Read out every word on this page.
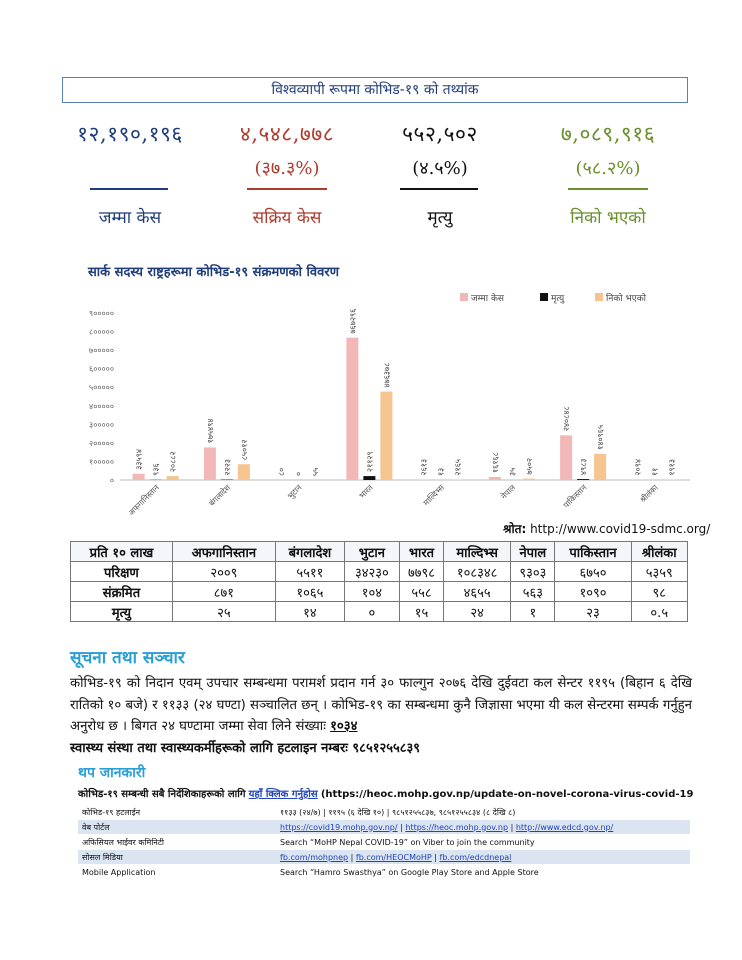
विश्वव्यापी रूपमा कोभिड-१९ को तथ्यांक
१२,१९०,१९६
जम्मा केस
४,५४८,७७८
(३७.३%)
सक्रिय केस
५५२,५०२
(४.५%)
मृत्यु
७,०८९,९१६
(५८.२%)
निको भएको
सार्क सदस्य राष्ट्रहरूमा कोभिड-१९ संक्रमणको विवरण
०
१०००००
२०००००
३०००००
४०००००
५०००००
६०००००
७०००००
८०००००
९०००००
३३५९४ ९३६ २०८८२
अफगानिस्तान
१७५४९४
२२२३
८५०१२
बंगलादेश
८० ० ५५
भुटान
७६७२९६
२११२९
४७६३७८
भारत
२६१३ १३ २१६५
माल्दिभ्स
१६१६८ ३५ ७५०२
नेपाल
२४०८४८
४९८३
१४०९६५
पाकिस्तान
२०९४ ११ १९१३
श्रीलंका
जम्मा केस	मृत्यु	निको भएको
श्रोत: http://www.covid19-sdmc.org/
प्रति १० लाख	अफगानिस्तान	बंगलादेश	भुटान	भारत	माल्दिभ्स	नेपाल	पाकिस्तान	श्रीलंका
परिक्षण	२००९	५५११	३४२३०	७७९८	१०८३४८	९३०३	६७५०	५३५९
संक्रमित	८७१	१०६५	१०४	५५८	४६५५	५६३	१०९०	९८
मृत्यु	२५	१४	०	१५	२४	१	२३	०.५
सूचना तथा सञ्चार
कोभिड-१९ को निदान एवम् उपचार सम्बन्धमा परामर्श प्रदान गर्न ३० फाल्गुन २०७६ देखि दुईवटा कल सेन्टर ११९५ (बिहान ६ देखि रातिको १० बजे) र ११३३ (२४ घण्टा) सञ्चालित छन् । कोभिड-१९ का सम्बन्धमा कुनै जिज्ञासा भएमा यी कल सेन्टरमा सम्पर्क गर्नुहुन अनुरोध छ । बिगत २४ घण्टामा जम्मा सेवा लिने संख्याः १०३४
स्वास्थ्य संस्था तथा स्वास्थ्यकर्मीहरूको लागि हटलाइन नम्बरः ९८५१२५५८३९
थप जानकारी
कोभिड-१९ सम्बन्धी सबै निर्देशिकाहरूको लागि यहाँ क्लिक गर्नुहोस (https://heoc.mohp.gov.np/update-on-novel-corona-virus-covid-19
कोभिड-१९ हटलाईन	११३३ (२४/७) | ११९५ (६ देखि १०) | ९८५१२५५८३७, ९८५१२५५८३४ (८ देखि ८)
वेब पोर्टल	https://covid19.mohp.gov.np/ | https://heoc.mohp.gov.np | http://www.edcd.gov.np/
अफिसियल भाईवर कमिनिटी	Search “MoHP Nepal COVID-19” on Viber to join the community
सोसल मिडिया	fb.com/mohpnep | fb.com/HEOCMoHP | fb.com/edcdnepal
Mobile Application	Search “Hamro Swasthya” on Google Play Store and Apple Store
